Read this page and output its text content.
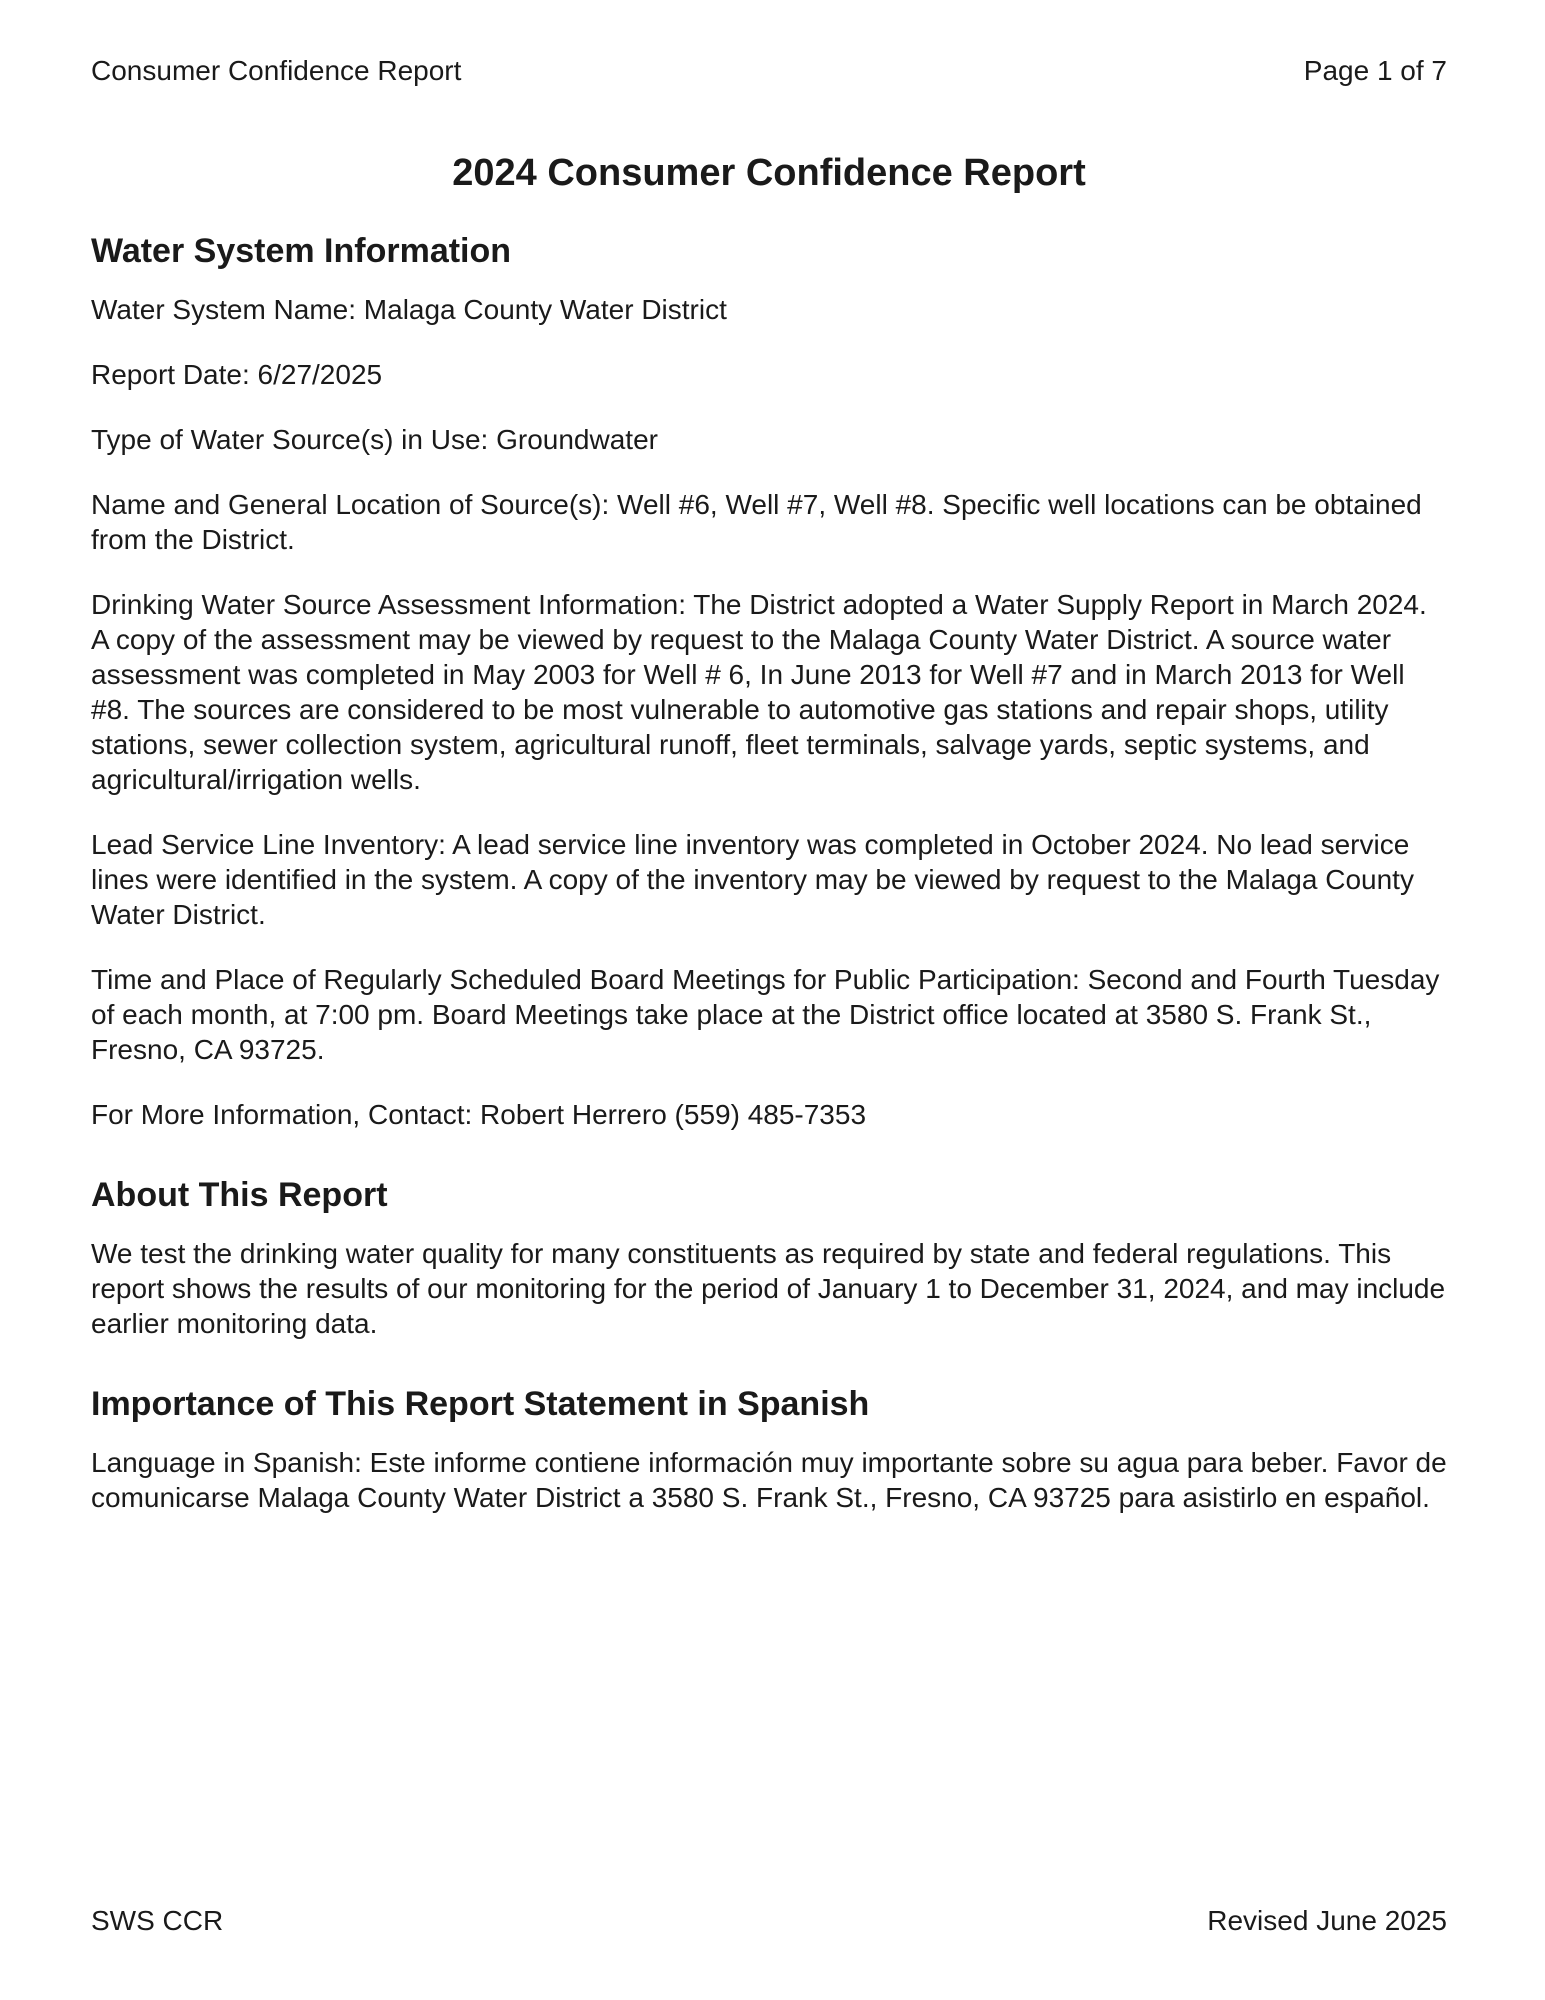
Consumer Confidence Report	Page 1 of 7
2024 Consumer Confidence Report
Water System Information

Water System Name: Malaga County Water District

Report Date: 6/27/2025

Type of Water Source(s) in Use: Groundwater

Name and General Location of Source(s): Well #6, Well #7, Well #8. Specific well locations can be obtained from the District.

Drinking Water Source Assessment Information: The District adopted a Water Supply Report in March 2024. A copy of the assessment may be viewed by request to the Malaga County Water District. A source water assessment was completed in May 2003 for Well # 6, In June 2013 for Well #7 and in March 2013 for Well #8. The sources are considered to be most vulnerable to automotive gas stations and repair shops, utility stations, sewer collection system, agricultural runoff, fleet terminals, salvage yards, septic systems, and agricultural/irrigation wells.

Lead Service Line Inventory: A lead service line inventory was completed in October 2024. No lead service lines were identified in the system. A copy of the inventory may be viewed by request to the Malaga County Water District.

Time and Place of Regularly Scheduled Board Meetings for Public Participation: Second and Fourth Tuesday of each month, at 7:00 pm. Board Meetings take place at the District office located at 3580 S. Frank St., Fresno, CA 93725.

For More Information, Contact: Robert Herrero (559) 485-7353

About This Report

We test the drinking water quality for many constituents as required by state and federal regulations. This report shows the results of our monitoring for the period of January 1 to December 31, 2024, and may include earlier monitoring data.

Importance of This Report Statement in Spanish

Language in Spanish: Este informe contiene información muy importante sobre su agua para beber. Favor de comunicarse Malaga County Water District a 3580 S. Frank St., Fresno, CA 93725 para asistirlo en español.

SWS CCR	Revised June 2025
